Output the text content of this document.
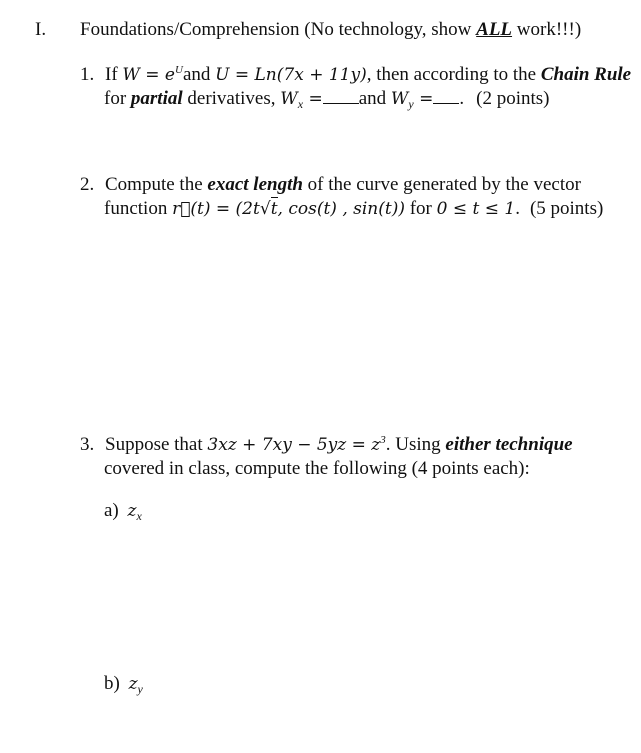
I. Foundations/Comprehension (No technology, show ALL work!!!)
1. If $W = e^Uand$ U = Ln(7x + 11y), then according to the Chain Rule
for partial derivatives, $W_x$ = and $W_y$ = . (2 points)
2. Compute the exact length of the curve generated by the vector
function r⃗(t) = (2t√t, cos(t) , sin(t)) for 0 ≤ t ≤ 1. (5 points)
3. Suppose that $3xz + 7xy - 5yz = z^3$. Using either technique
covered in class, compute the following (4 points each):
a) $z_x$
b) $z_y$
